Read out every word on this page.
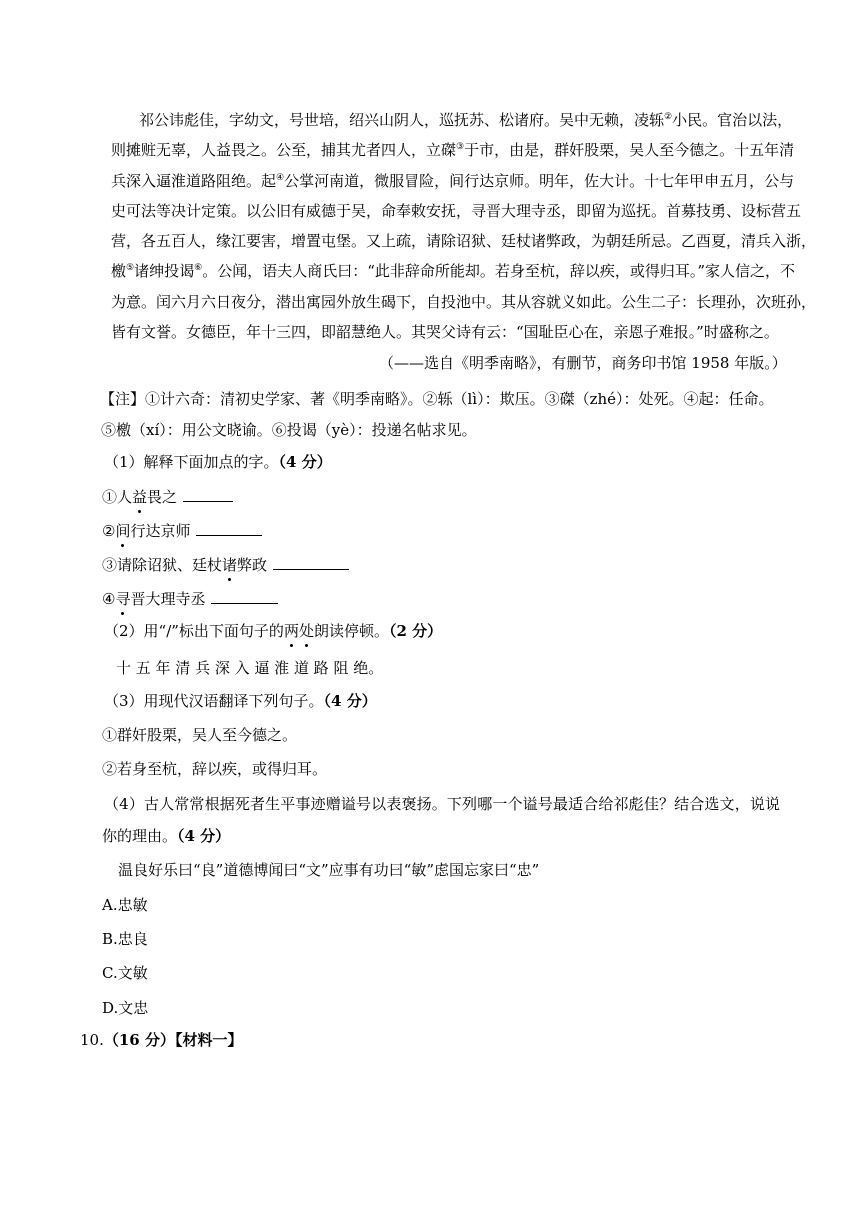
祁公讳彪佳，字幼文，号世培，绍兴山阴人，巡抚苏、松诸府。吴中无赖，凌轹②小民。官治以法，
则摊赃无辜，人益畏之。公至，捕其尤者四人，立磔③于市，由是，群奸股栗，吴人至今德之。十五年清
兵深入逼淮道路阻绝。起④公掌河南道，微服冒险，间行达京师。明年，佐大计。十七年甲申五月，公与
史可法等决计定策。以公旧有威德于吴，命奉敕安抚，寻晋大理寺丞，即留为巡抚。首募技勇、设标营五
营，各五百人，缘江要害，增置屯堡。又上疏，请除诏狱、廷杖诸弊政，为朝廷所忌。乙酉夏，清兵入浙，
檄⑤诸绅投谒⑥。公闻，语夫人商氏曰：“此非辞命所能却。若身至杭，辞以疾，或得归耳。”家人信之，不
为意。闰六月六日夜分，潜出寓园外放生碣下，自投池中。其从容就义如此。公生二子：长理孙，次班孙，
皆有文誉。女德臣，年十三四，即韶慧绝人。其哭父诗有云：“国耻臣心在，亲恩子难报。”时盛称之。
（——选自《明季南略》，有删节，商务印书馆 1958 年版。）
【注】①计六奇：清初史学家、著《明季南略》。②轹（lì）：欺压。③磔（zhé）：处死。④起：任命。
⑤檄（xí）：用公文晓谕。⑥投谒（yè）：投递名帖求见。
（1）解释下面加点的字。（4 分）
①人益畏之
②间行达京师
③请除诏狱、廷杖诸弊政
④寻晋大理寺丞
（2）用“/”标出下面句子的两处朗读停顿。（2 分）
十 五 年 清 兵 深 入 逼 淮 道 路 阻 绝。
（3）用现代汉语翻译下列句子。（4 分）
①群奸股栗，吴人至今德之。
②若身至杭，辞以疾，或得归耳。
（4）古人常常根据死者生平事迹赠谥号以表褒扬。下列哪一个谥号最适合给祁彪佳？结合选文，说说
你的理由。（4 分）
温良好乐曰“良”道德博闻曰“文”应事有功曰“敏”虑国忘家曰“忠”
A.忠敏
B.忠良
C.文敏
D.文忠
10.（16 分）【材料一】
